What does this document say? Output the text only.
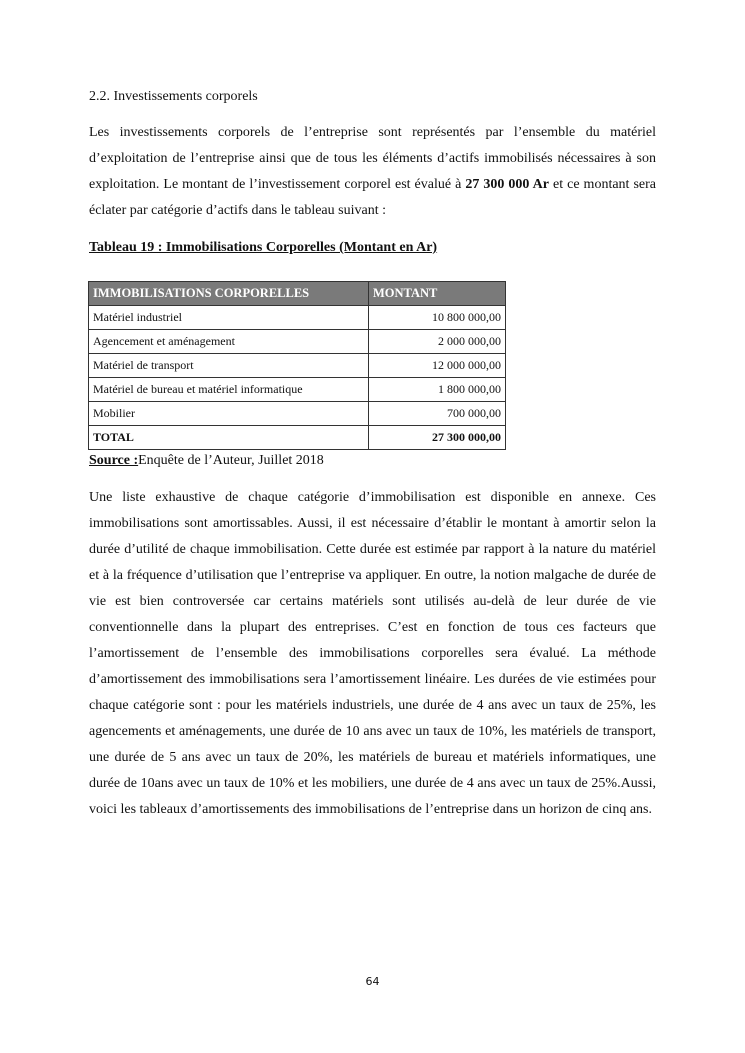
2.2. Investissements corporels

Les investissements corporels de l’entreprise sont représentés par l’ensemble du matériel d’exploitation de l’entreprise ainsi que de tous les éléments d’actifs immobilisés nécessaires à son exploitation. Le montant de l’investissement corporel est évalué à 27 300 000 Ar et ce montant sera éclater par catégorie d’actifs dans le tableau suivant :

Tableau 19 : Immobilisations Corporelles (Montant en Ar)

IMMOBILISATIONS CORPORELLES	MONTANT
Matériel industriel	10 800 000,00
Agencement et aménagement	2 000 000,00
Matériel de transport	12 000 000,00
Matériel de bureau et matériel informatique	1 800 000,00
Mobilier	700 000,00
TOTAL	27 300 000,00

Source :Enquête de l’Auteur, Juillet 2018

Une liste exhaustive de chaque catégorie d’immobilisation est disponible en annexe. Ces immobilisations sont amortissables. Aussi, il est nécessaire d’établir le montant à amortir selon la durée d’utilité de chaque immobilisation. Cette durée est estimée par rapport à la nature du matériel et à la fréquence d’utilisation que l’entreprise va appliquer. En outre, la notion malgache de durée de vie est bien controversée car certains matériels sont utilisés au-delà de leur durée de vie conventionnelle dans la plupart des entreprises. C’est en fonction de tous ces facteurs que l’amortissement de l’ensemble des immobilisations corporelles sera évalué. La méthode d’amortissement des immobilisations sera l’amortissement linéaire. Les durées de vie estimées pour chaque catégorie sont : pour les matériels industriels, une durée de 4 ans avec un taux de 25%, les agencements et aménagements, une durée de 10 ans avec un taux de 10%, les matériels de transport, une durée de 5 ans avec un taux de 20%, les matériels de bureau et matériels informatiques, une durée de 10ans avec un taux de 10% et les mobiliers, une durée de 4 ans avec un taux de 25%.Aussi, voici les tableaux d’amortissements des immobilisations de l’entreprise dans un horizon de cinq ans.

64
